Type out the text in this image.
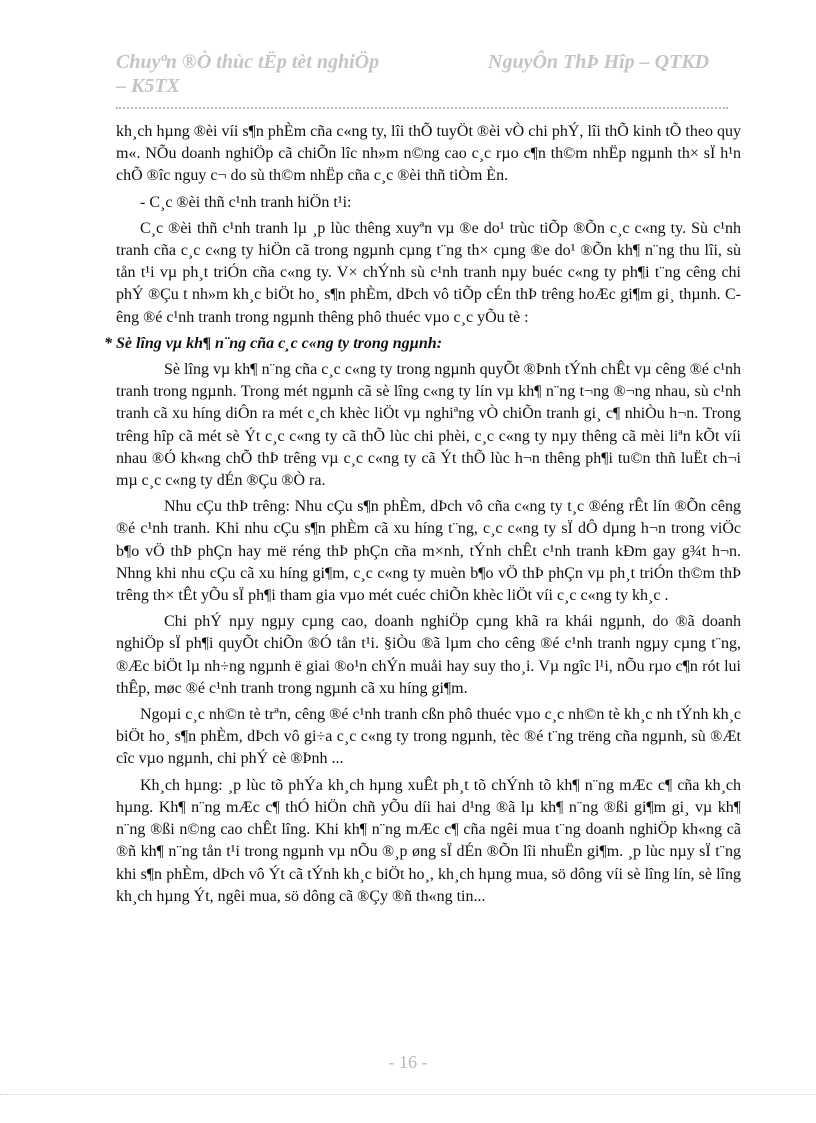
Chuyªn ®Ò thùc tËp tèt nghiÖp	NguyÔn ThÞ Hîp – QTKD
– K5TX

kh¸ch hµng ®èi víi s¶n phÈm cña c«ng ty, lîi thÕ tuyÖt ®èi vÒ chi phÝ, lîi thÕ kinh tÕ theo quy m«. NÕu doanh nghiÖp cã chiÕn lîc nh»m n©ng cao c¸c rµo c¶n th©m nhËp ngµnh th× sÏ h¹n chÕ ®îc nguy c¬ do sù th©m nhËp cña c¸c ®èi thñ tiÒm Èn.

- C¸c ®èi thñ c¹nh tranh hiÖn t¹i:

C¸c ®èi thñ c¹nh tranh lµ ¸p lùc thêng xuyªn vµ ®e do¹ trùc tiÕp ®Õn c¸c c«ng ty. Sù c¹nh tranh cña c¸c c«ng ty hiÖn cã trong ngµnh cµng t¨ng th× cµng ®e do¹ ®Õn kh¶ n¨ng thu lîi, sù tån t¹i vµ ph¸t triÓn cña c«ng ty. V× chÝnh sù c¹nh tranh nµy buéc c«ng ty ph¶i t¨ng cêng chi phÝ ®Çu t nh»m kh¸c biÖt ho¸ s¶n phÈm, dÞch vô tiÕp cÉn thÞ trêng hoÆc gi¶m gi¸ thµnh. Cêng ®é c¹nh tranh trong ngµnh thêng phô thuéc vµo c¸c yÕu tè :

* Sè lîng vµ kh¶ n¨ng cña c¸c c«ng ty trong ngµnh:

Sè lîng vµ kh¶ n¨ng cña c¸c c«ng ty trong ngµnh quyÕt ®Þnh tÝnh chÊt vµ cêng ®é c¹nh tranh trong ngµnh. Trong mét ngµnh cã sè lîng c«ng ty lín vµ kh¶ n¨ng t¬ng ®¬ng nhau, sù c¹nh tranh cã xu híng diÔn ra mét c¸ch khèc liÖt vµ nghiªng vÒ chiÕn tranh gi¸ c¶ nhiÒu h¬n. Trong trêng hîp cã mét sè Ýt c¸c c«ng ty cã thÕ lùc chi phèi, c¸c c«ng ty nµy thêng cã mèi liªn kÕt víi nhau ®Ó kh«ng chÕ thÞ trêng vµ c¸c c«ng ty cã Ýt thÕ lùc h¬n thêng ph¶i tu©n thñ luËt ch¬i mµ c¸c c«ng ty dÉn ®Çu ®Ò ra.

Nhu cÇu thÞ trêng: Nhu cÇu s¶n phÈm, dÞch vô cña c«ng ty t¸c ®éng rÊt lín ®Õn cêng ®é c¹nh tranh. Khi nhu cÇu s¶n phÈm cã xu híng t¨ng, c¸c c«ng ty sÏ dÔ dµng h¬n trong viÖc b¶o vÖ thÞ phÇn hay më réng thÞ phÇn cña m×nh, tÝnh chÊt c¹nh tranh kÐm gay g¾t h¬n. Nhng khi nhu cÇu cã xu híng gi¶m, c¸c c«ng ty muèn b¶o vÖ thÞ phÇn vµ ph¸t triÓn th©m thÞ trêng th× tÊt yÕu sÏ ph¶i tham gia vµo mét cuéc chiÕn khèc liÖt víi c¸c c«ng ty kh¸c .

Chi phÝ nµy ngµy cµng cao, doanh nghiÖp cµng khã ra khái ngµnh, do ®ã doanh nghiÖp sÏ ph¶i quyÕt chiÕn ®Ó tån t¹i. §iÒu ®ã lµm cho cêng ®é c¹nh tranh ngµy cµng t¨ng, ®Æc biÖt lµ nh÷ng ngµnh ë giai ®o¹n chÝn muåi hay suy tho¸i. Vµ ngîc l¹i, nÕu rµo c¶n rót lui thÊp, møc ®é c¹nh tranh trong ngµnh cã xu híng gi¶m.

Ngoµi c¸c nh©n tè trªn, cêng ®é c¹nh tranh cßn phô thuéc vµo c¸c nh©n tè kh¸c nh tÝnh kh¸c biÖt ho¸ s¶n phÈm, dÞch vô gi÷a c¸c c«ng ty trong ngµnh, tèc ®é t¨ng trëng cña ngµnh, sù ®Æt cîc vµo ngµnh, chi phÝ cè ®Þnh ...

Kh¸ch hµng: ¸p lùc tõ phÝa kh¸ch hµng xuÊt ph¸t tõ chÝnh tõ kh¶ n¨ng mÆc c¶ cña kh¸ch hµng. Kh¶ n¨ng mÆc c¶ thÓ hiÖn chñ yÕu díi hai d¹ng ®ã lµ kh¶ n¨ng ®ßi gi¶m gi¸ vµ kh¶ n¨ng ®ßi n©ng cao chÊt lîng. Khi kh¶ n¨ng mÆc c¶ cña ngêi mua t¨ng doanh nghiÖp kh«ng cã ®ñ kh¶ n¨ng tån t¹i trong ngµnh vµ nÕu ®¸p øng sÏ dÉn ®Õn lîi nhuËn gi¶m. ¸p lùc nµy sÏ t¨ng khi s¶n phÈm, dÞch vô Ýt cã tÝnh kh¸c biÖt ho¸, kh¸ch hµng mua, sö dông víi sè lîng lín, sè lîng kh¸ch hµng Ýt, ngêi mua, sö dông cã ®Çy ®ñ th«ng tin...

- 16 -
